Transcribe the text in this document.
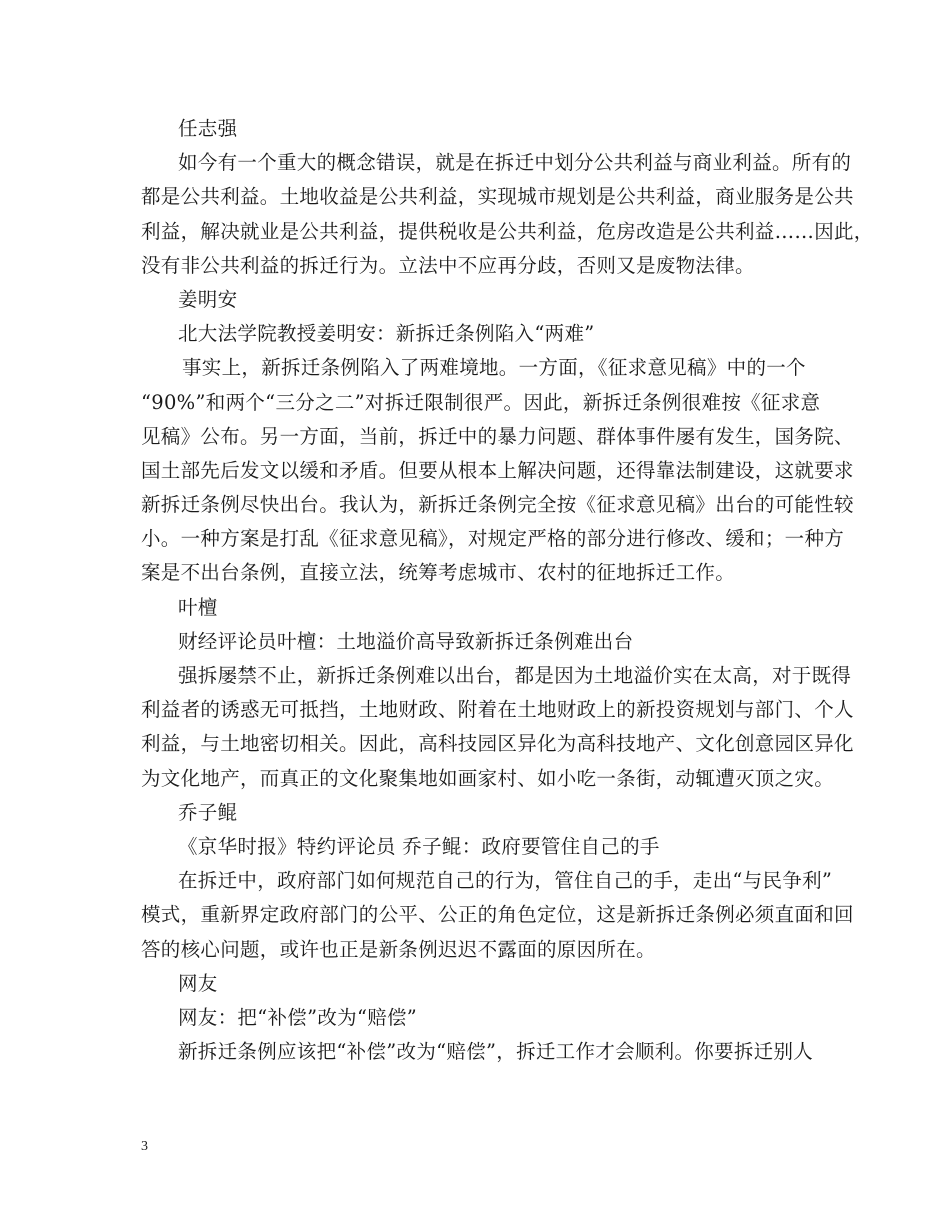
任志强
如今有一个重大的概念错误，就是在拆迁中划分公共利益与商业利益。所有的
都是公共利益。土地收益是公共利益，实现城市规划是公共利益，商业服务是公共
利益，解决就业是公共利益，提供税收是公共利益，危房改造是公共利益……因此，
没有非公共利益的拆迁行为。立法中不应再分歧，否则又是废物法律。
姜明安
北大法学院教授姜明安：新拆迁条例陷入“两难”
事实上，新拆迁条例陷入了两难境地。一方面，《征求意见稿》中的一个
“90%”和两个“三分之二”对拆迁限制很严。因此，新拆迁条例很难按《征求意
见稿》公布。另一方面，当前，拆迁中的暴力问题、群体事件屡有发生，国务院、
国土部先后发文以缓和矛盾。但要从根本上解决问题，还得靠法制建设，这就要求
新拆迁条例尽快出台。我认为，新拆迁条例完全按《征求意见稿》出台的可能性较
小。一种方案是打乱《征求意见稿》，对规定严格的部分进行修改、缓和；一种方
案是不出台条例，直接立法，统筹考虑城市、农村的征地拆迁工作。
叶檀
财经评论员叶檀：土地溢价高导致新拆迁条例难出台
强拆屡禁不止，新拆迁条例难以出台，都是因为土地溢价实在太高，对于既得
利益者的诱惑无可抵挡，土地财政、附着在土地财政上的新投资规划与部门、个人
利益，与土地密切相关。因此，高科技园区异化为高科技地产、文化创意园区异化
为文化地产，而真正的文化聚集地如画家村、如小吃一条街，动辄遭灭顶之灾。
乔子鲲
《京华时报》特约评论员 乔子鲲：政府要管住自己的手
在拆迁中，政府部门如何规范自己的行为，管住自己的手，走出“与民争利”
模式，重新界定政府部门的公平、公正的角色定位，这是新拆迁条例必须直面和回
答的核心问题，或许也正是新条例迟迟不露面的原因所在。
网友
网友：把“补偿”改为“赔偿”
新拆迁条例应该把“补偿”改为“赔偿”，拆迁工作才会顺利。你要拆迁别人
3
